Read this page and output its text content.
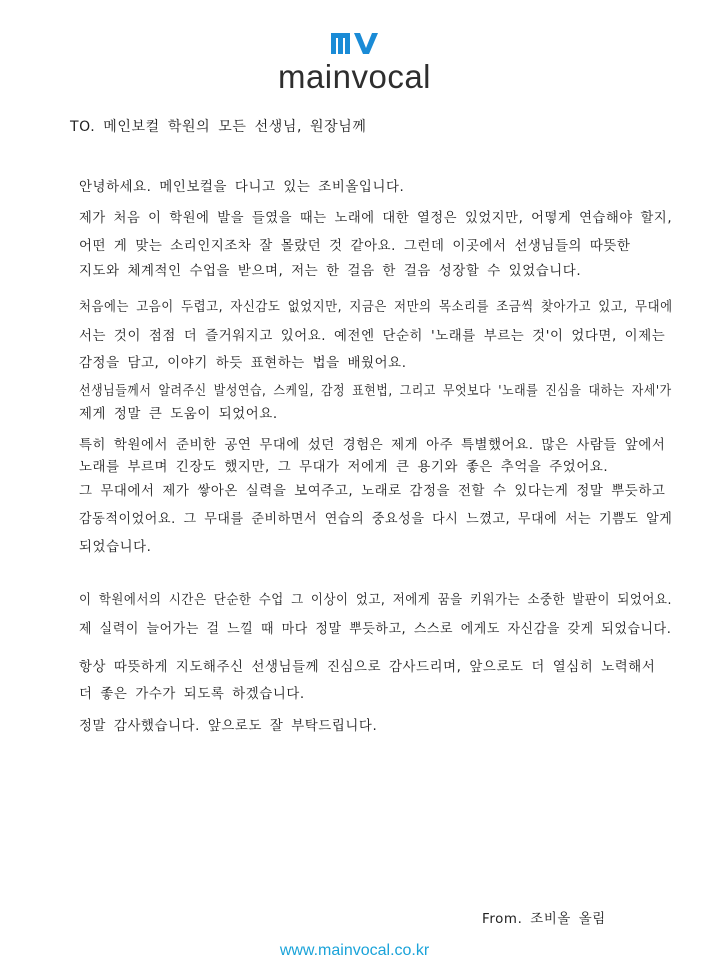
mainvocal
TO. 메인보컬 학원의 모든 선생님, 원장님께
안녕하세요. 메인보컬을 다니고 있는 조비올입니다.
제가 처음 이 학원에 발을 들였을 때는 노래에 대한 열정은 있었지만, 어떻게 연습해야 할지,
어떤 게 맞는 소리인지조차 잘 몰랐던 것 같아요. 그런데 이곳에서 선생님들의 따뜻한
지도와 체계적인 수업을 받으며, 저는 한 걸음 한 걸음 성장할 수 있었습니다.
처음에는 고음이 두렵고, 자신감도 없었지만, 지금은 저만의 목소리를 조금씩 찾아가고 있고, 무대에
서는 것이 점점 더 즐거워지고 있어요. 예전엔 단순히 '노래를 부르는 것'이 었다면, 이제는
감정을 담고, 이야기 하듯 표현하는 법을 배웠어요.
선생님들께서 알려주신 발성연습, 스케일, 감정 표현법, 그리고 무엇보다 '노래를 진심을 대하는 자세'가
제게 정말 큰 도움이 되었어요.
특히 학원에서 준비한 공연 무대에 섰던 경험은 제게 아주 특별했어요. 많은 사람들 앞에서
노래를 부르며 긴장도 했지만, 그 무대가 저에게 큰 용기와 좋은 추억을 주었어요.
그 무대에서 제가 쌓아온 실력을 보여주고, 노래로 감정을 전할 수 있다는게 정말 뿌듯하고
감동적이었어요. 그 무대를 준비하면서 연습의 중요성을 다시 느꼈고, 무대에 서는 기쁨도 알게
되었습니다.
이 학원에서의 시간은 단순한 수업 그 이상이 었고, 저에게 꿈을 키워가는 소중한 발판이 되었어요.
제 실력이 늘어가는 걸 느낄 때 마다 정말 뿌듯하고, 스스로 에게도 자신감을 갖게 되었습니다.
항상 따뜻하게 지도해주신 선생님들께 진심으로 감사드리며, 앞으로도 더 열심히 노력해서
더 좋은 가수가 되도록 하겠습니다.
정말 감사했습니다. 앞으로도 잘 부탁드립니다.
From. 조비올 올림
www.mainvocal.co.kr
